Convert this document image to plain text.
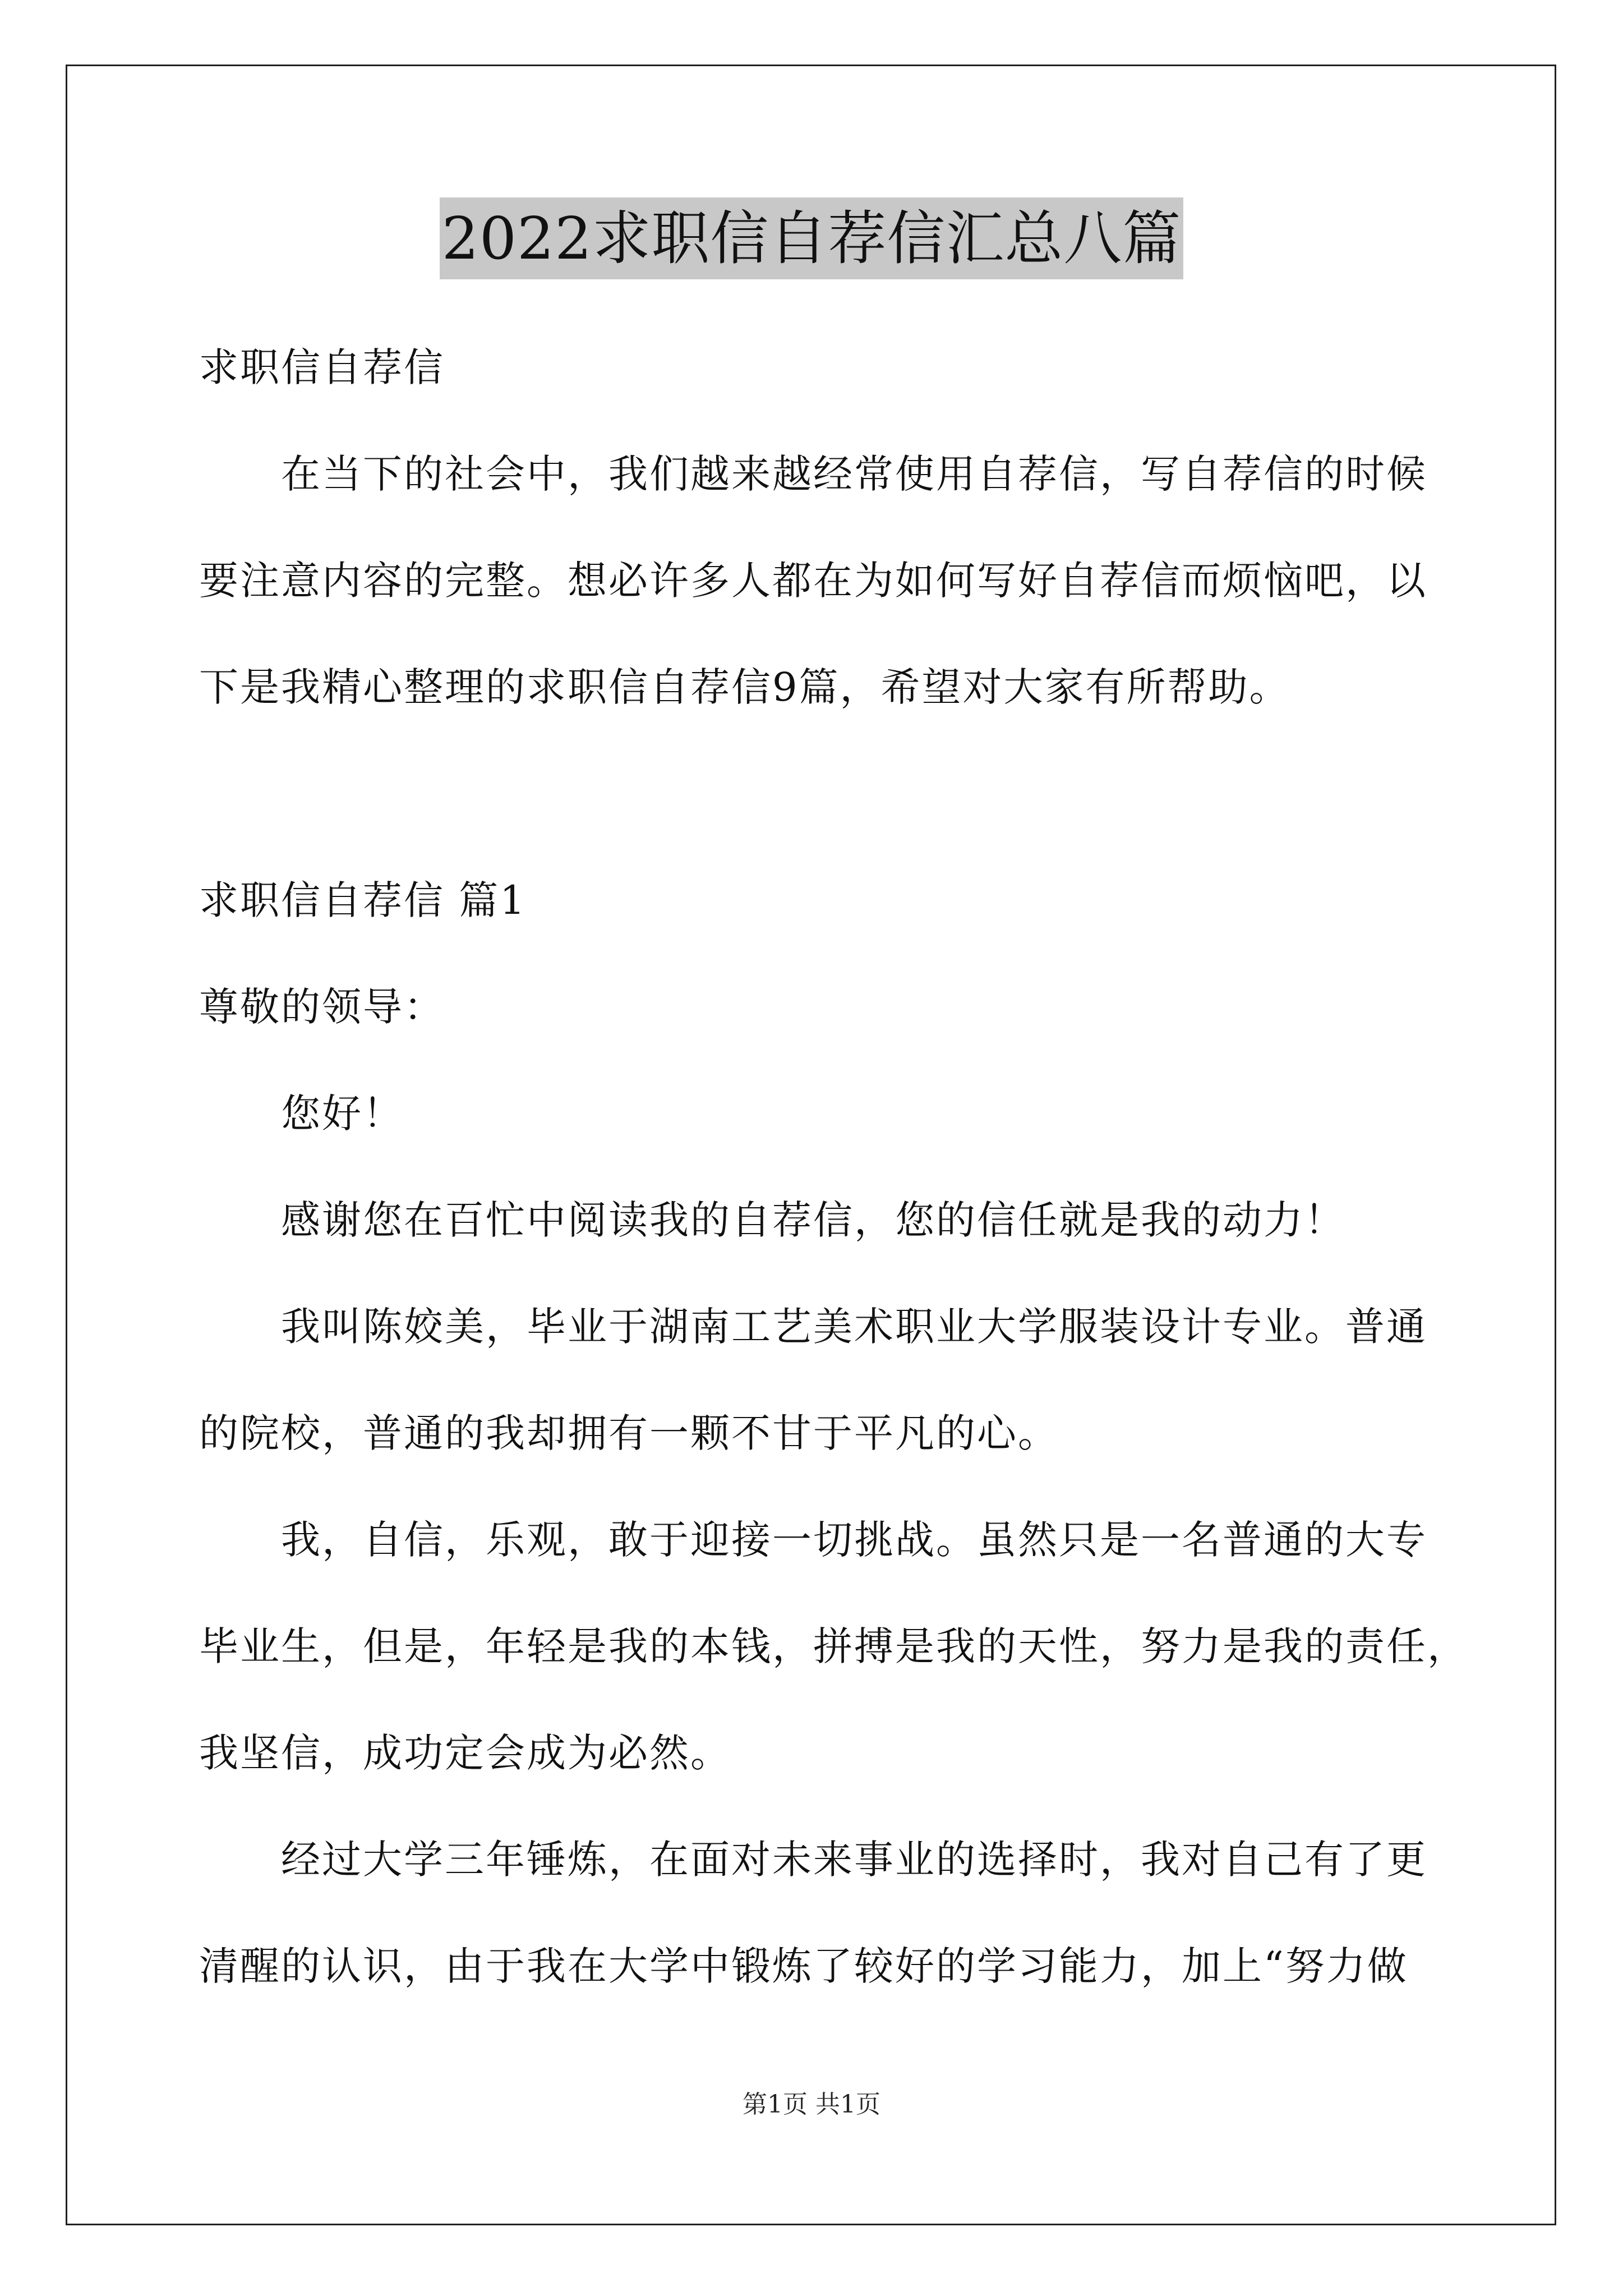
2022求职信自荐信汇总八篇
求职信自荐信
在当下的社会中，我们越来越经常使用自荐信，写自荐信的时候
要注意内容的完整。想必许多人都在为如何写好自荐信而烦恼吧，以
下是我精心整理的求职信自荐信9篇，希望对大家有所帮助。
求职信自荐信 篇1
尊敬的领导：
您好！
感谢您在百忙中阅读我的自荐信，您的信任就是我的动力！
我叫陈姣美，毕业于湖南工艺美术职业大学服装设计专业。普通
的院校，普通的我却拥有一颗不甘于平凡的心。
我，自信，乐观，敢于迎接一切挑战。虽然只是一名普通的大专
毕业生，但是，年轻是我的本钱，拼搏是我的天性，努力是我的责任，
我坚信，成功定会成为必然。
经过大学三年锤炼，在面对未来事业的选择时，我对自己有了更
清醒的认识，由于我在大学中锻炼了较好的学习能力，加上“努力做
第1页 共1页
